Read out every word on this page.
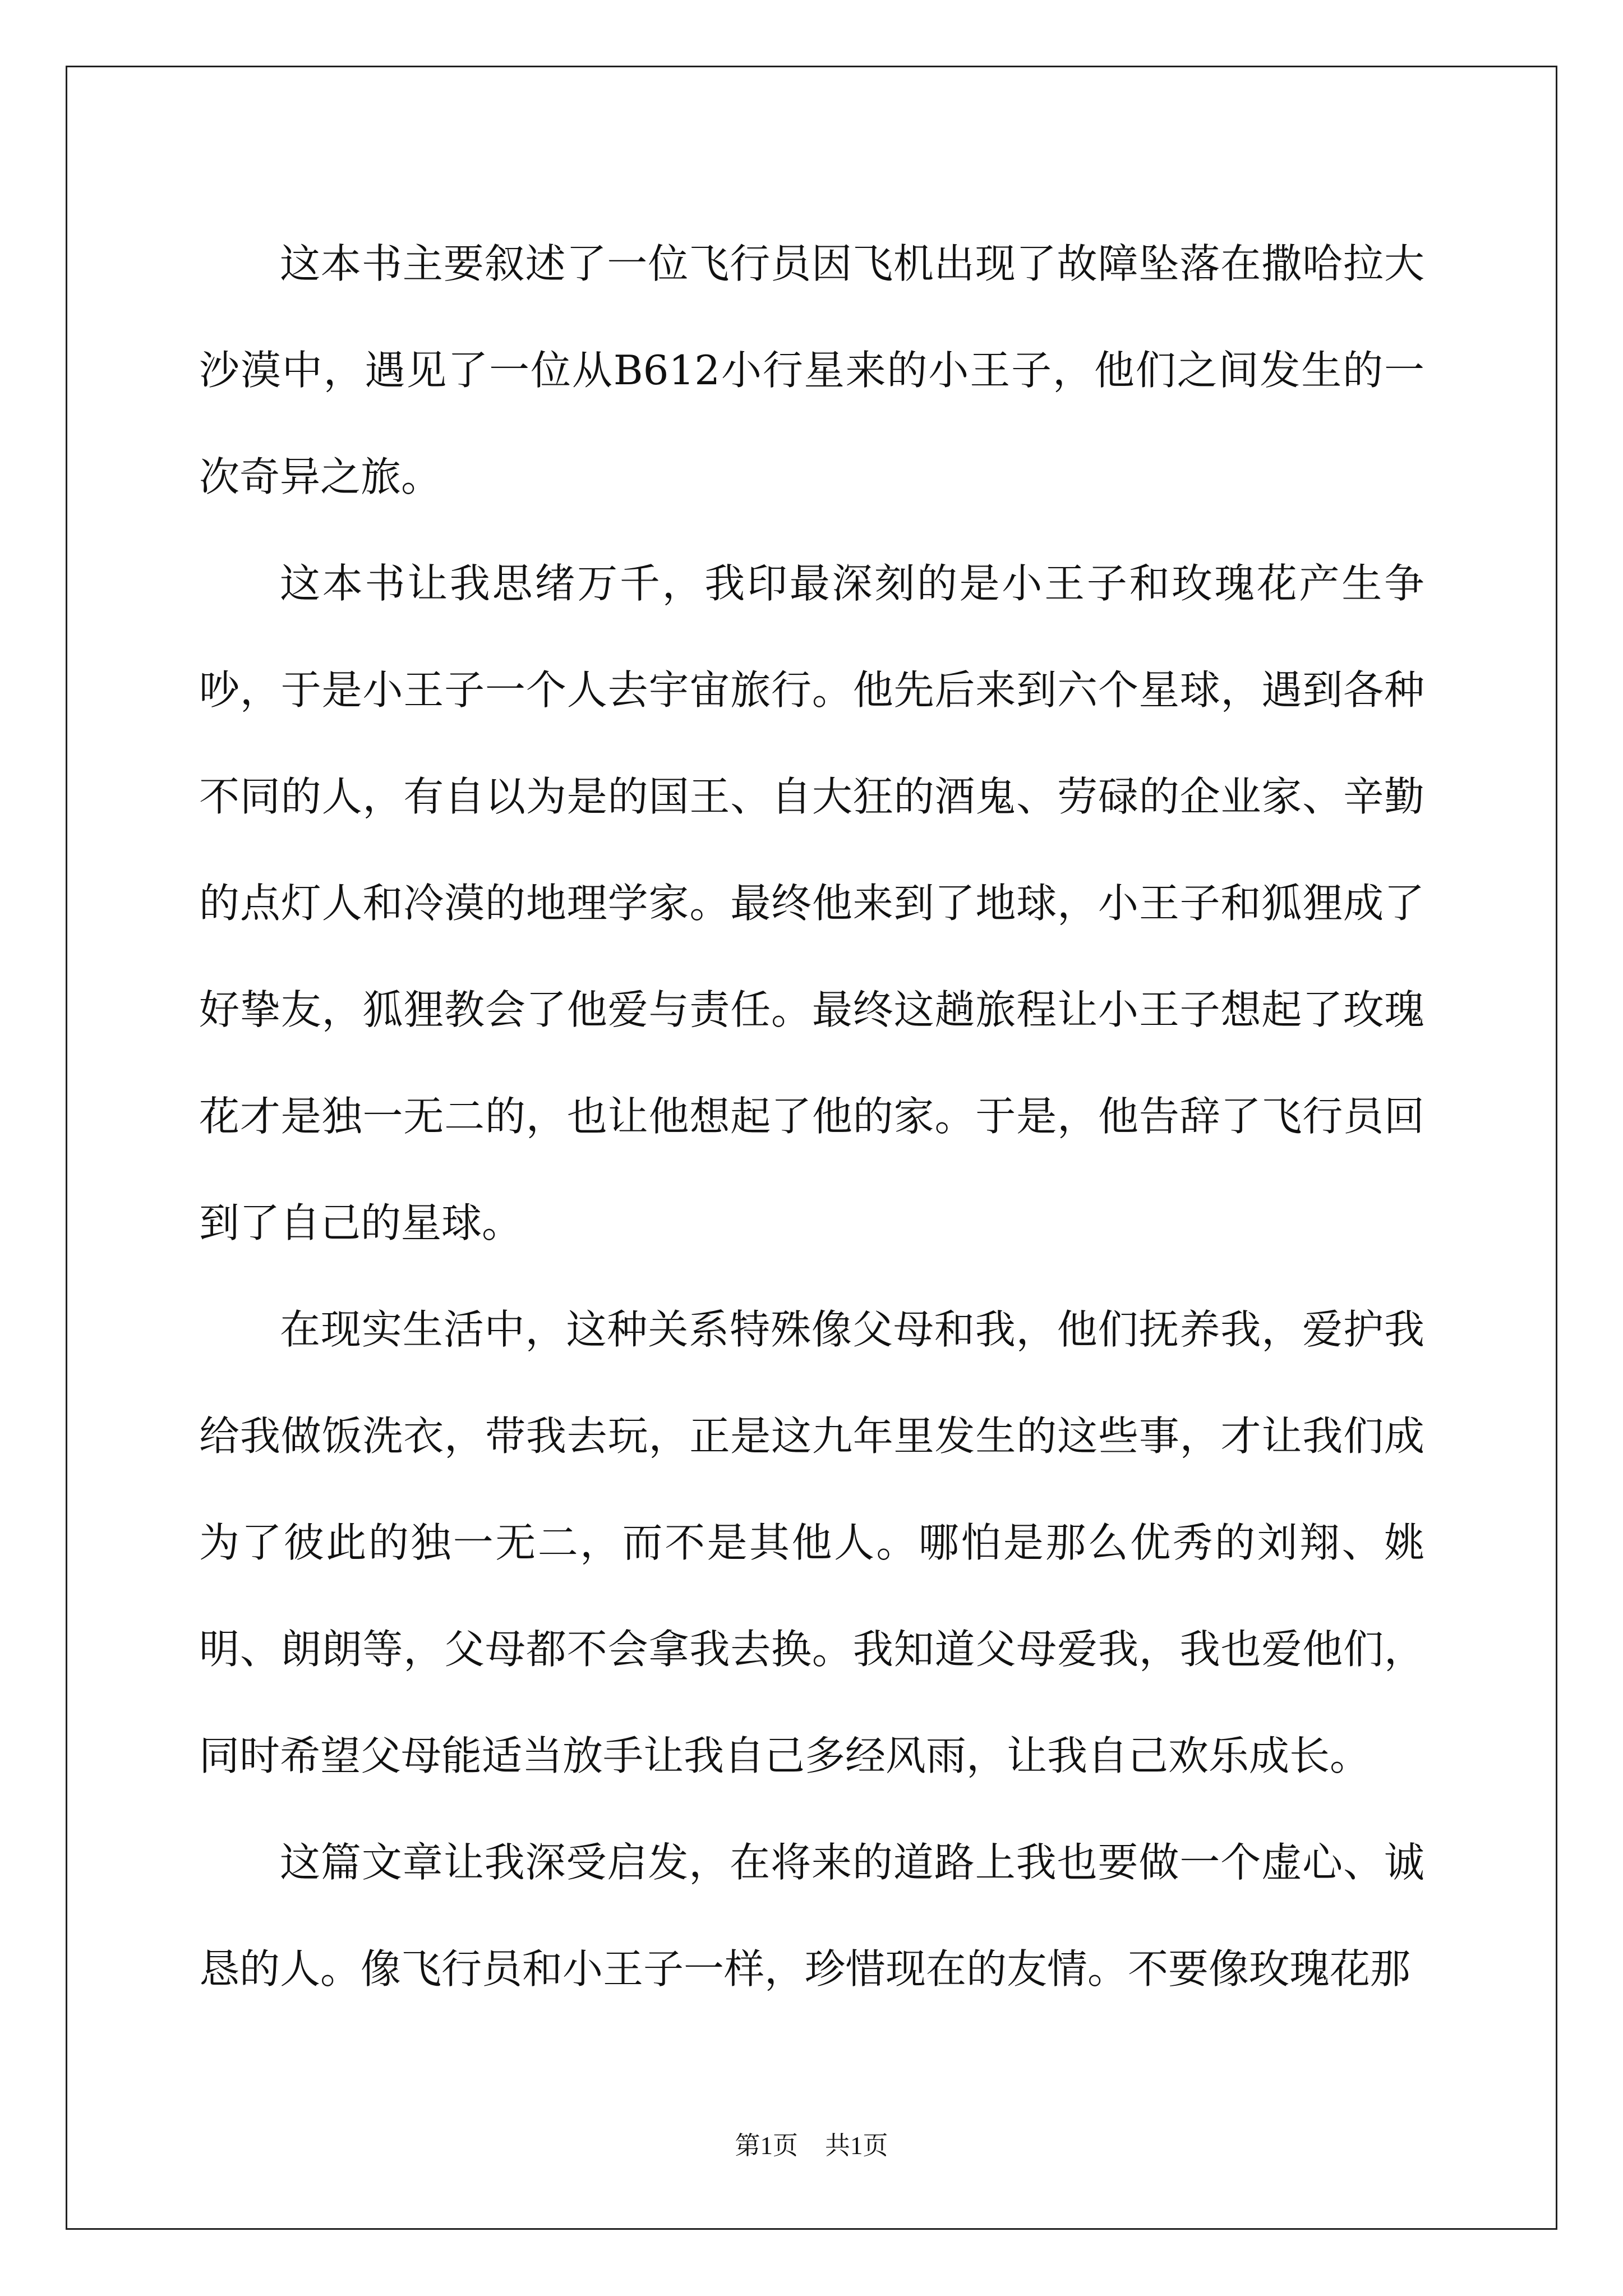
这本书主要叙述了一位飞行员因飞机出现了故障坠落在撒哈拉大沙漠中，遇见了一位从B612小行星来的小王子，他们之间发生的一次奇异之旅。

这本书让我思绪万千，我印最深刻的是小王子和玫瑰花产生争吵，于是小王子一个人去宇宙旅行。他先后来到六个星球，遇到各种不同的人，有自以为是的国王、自大狂的酒鬼、劳碌的企业家、辛勤的点灯人和冷漠的地理学家。最终他来到了地球，小王子和狐狸成了好挚友，狐狸教会了他爱与责任。最终这趟旅程让小王子想起了玫瑰花才是独一无二的，也让他想起了他的家。于是，他告辞了飞行员回到了自己的星球。

在现实生活中，这种关系特殊像父母和我，他们抚养我，爱护我给我做饭洗衣，带我去玩，正是这九年里发生的这些事，才让我们成为了彼此的独一无二，而不是其他人。哪怕是那么优秀的刘翔、姚明、朗朗等，父母都不会拿我去换。我知道父母爱我，我也爱他们，同时希望父母能适当放手让我自己多经风雨，让我自己欢乐成长。

这篇文章让我深受启发，在将来的道路上我也要做一个虚心、诚恳的人。像飞行员和小王子一样，珍惜现在的友情。不要像玫瑰花那

第1页 共1页
